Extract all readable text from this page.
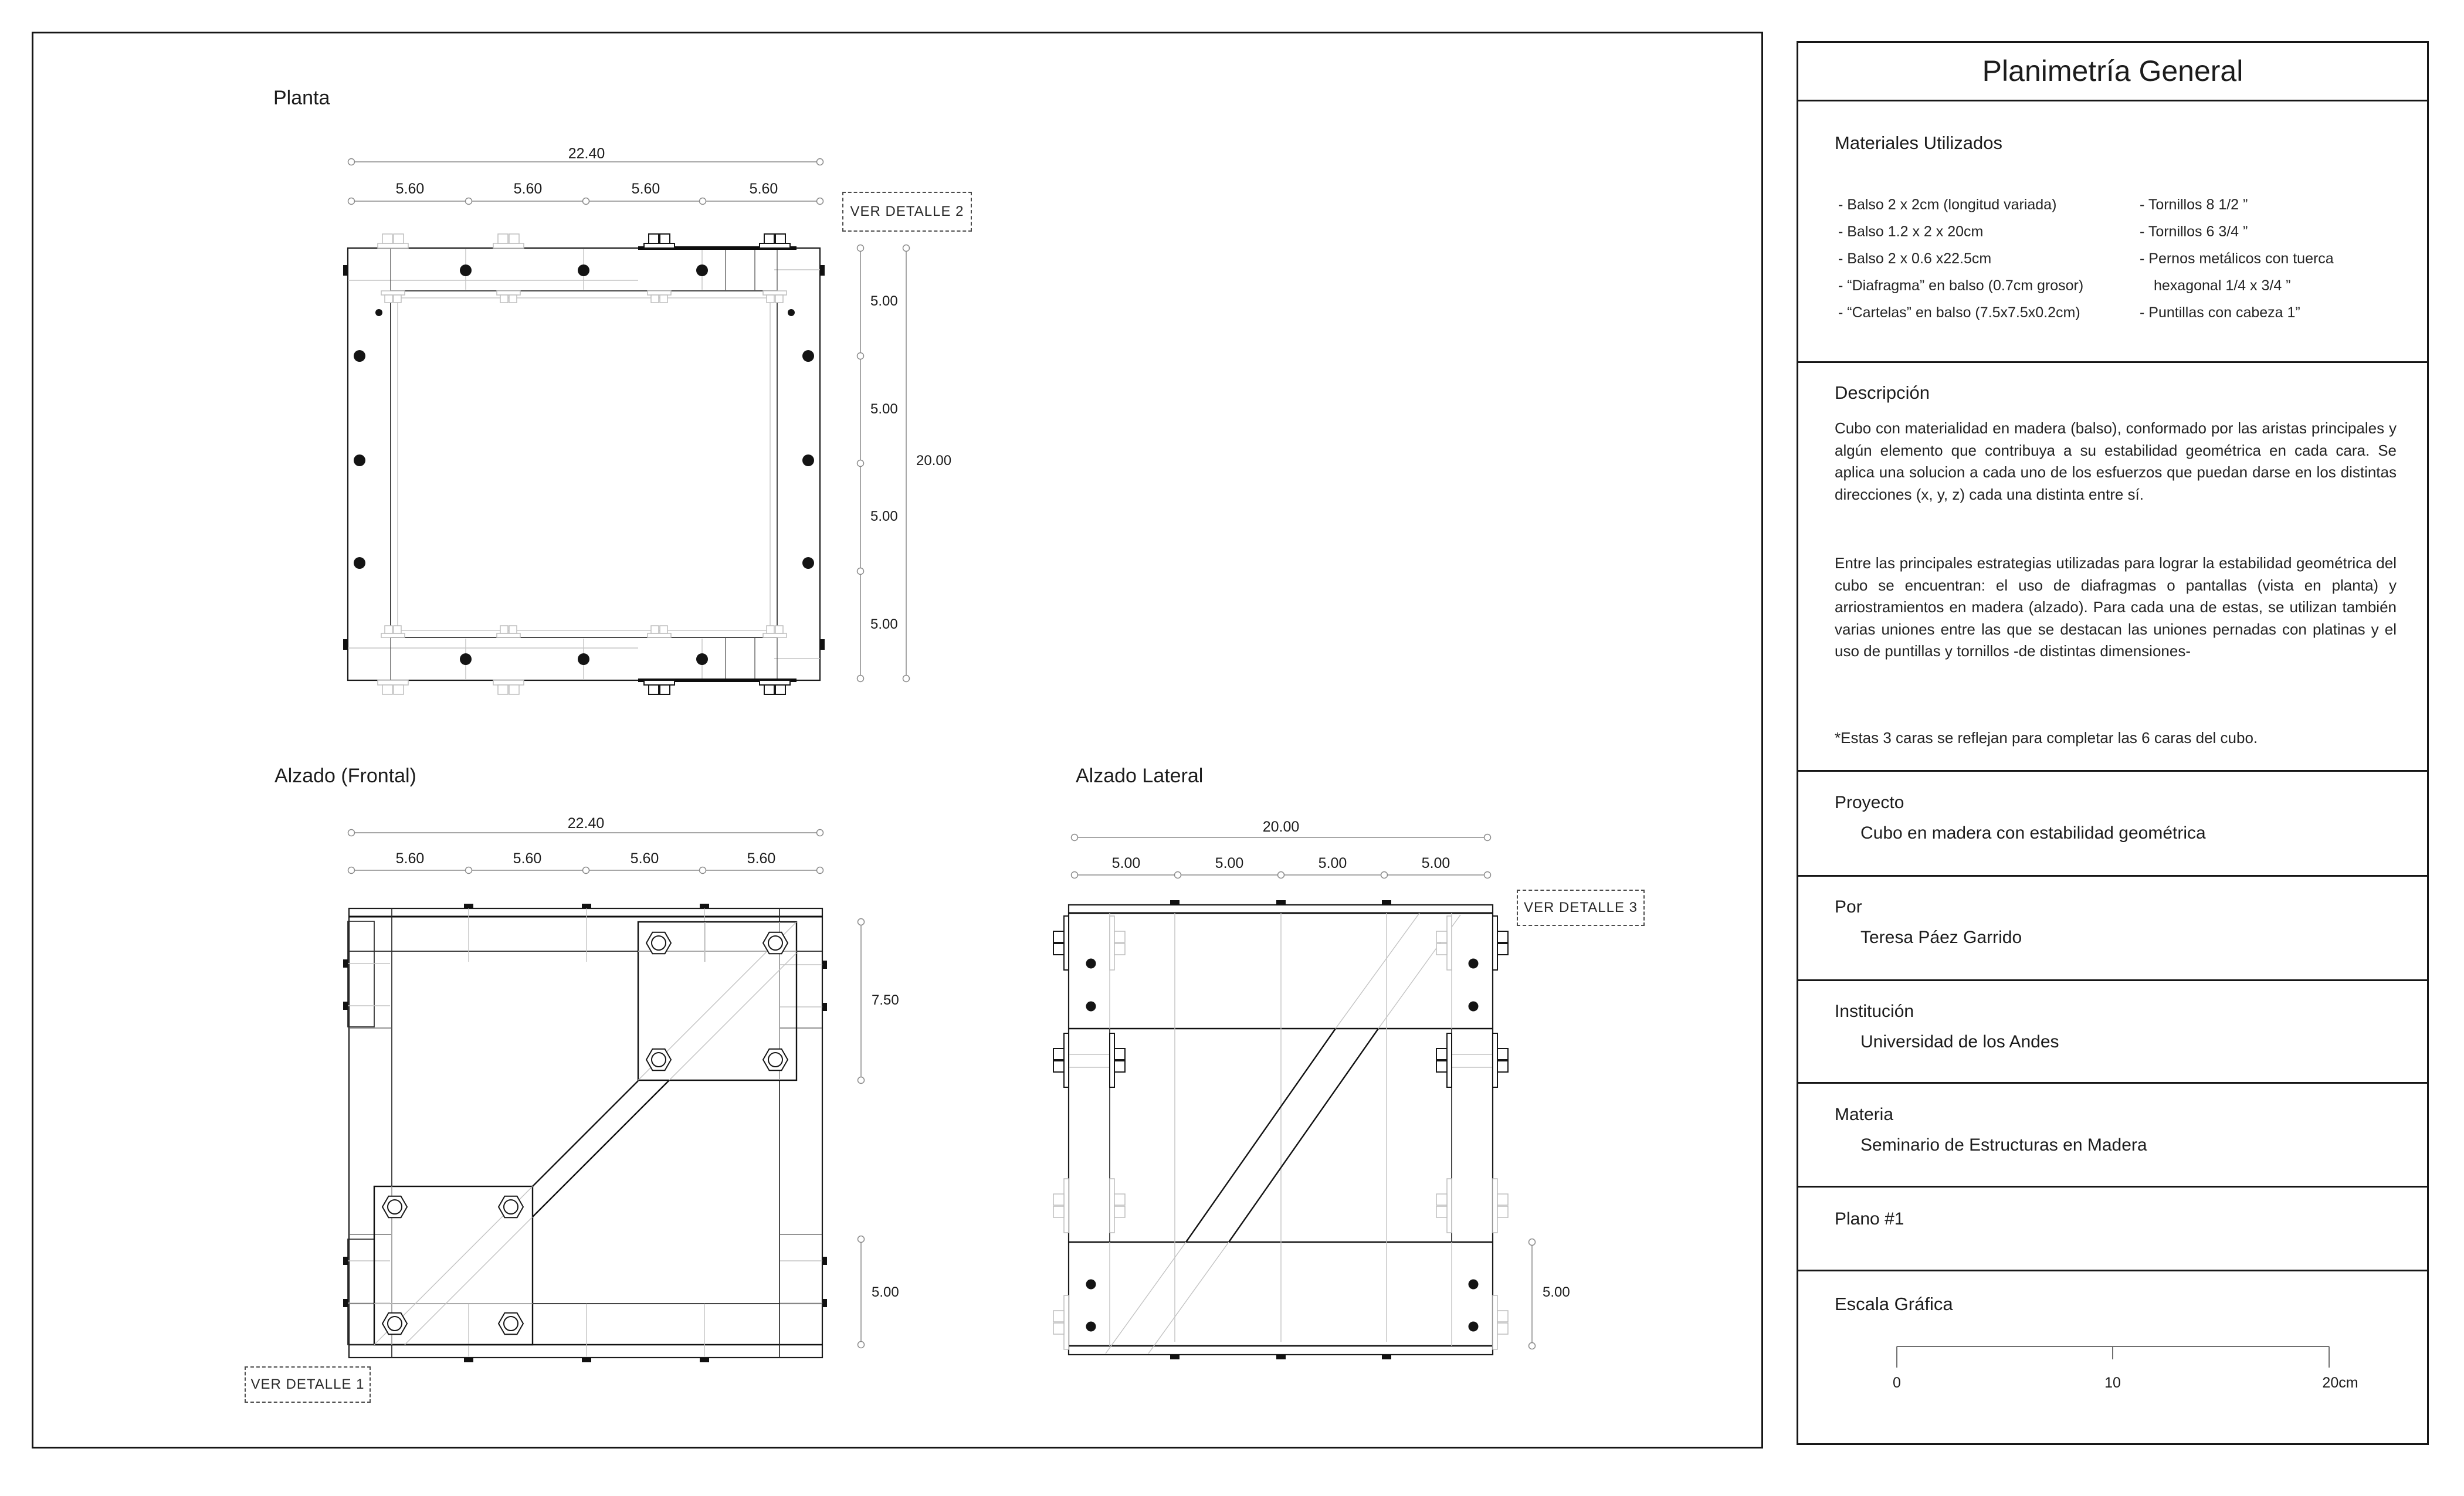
Planta
22.40
5.60	5.60	5.60	5.60
5.00
5.00
5.00
5.00
20.00
VER DETALLE 2
Alzado (Frontal)
22.40
5.60	5.60	5.60	5.60
7.50
5.00
VER DETALLE 1
Alzado Lateral
20.00
5.00	5.00	5.00	5.00
5.00
VER DETALLE 3
Planimetría General
Materiales Utilizados
- Balso 2 x 2cm (longitud variada)
- Balso 1.2 x 2 x 20cm
- Balso 2 x 0.6 x22.5cm
- “Diafragma” en balso (0.7cm grosor)
- “Cartelas” en balso (7.5x7.5x0.2cm)
- Tornillos 8 1/2 ”
- Tornillos 6 3/4 ”
- Pernos metálicos con tuerca hexagonal 1/4 x 3/4 ”
- Puntillas con cabeza 1”
Descripción
Cubo con materialidad en madera (balso), conformado por las aristas principales y algún elemento que contribuya a su estabilidad geométrica en cada cara. Se aplica una solucion a cada uno de los esfuerzos que puedan darse en los distintas direcciones (x, y, z) cada una distinta entre sí.
Entre las principales estrategias utilizadas para lograr la estabilidad geométrica del cubo se encuentran: el uso de diafragmas o pantallas (vista en planta) y arriostramientos en madera (alzado). Para cada una de estas, se utilizan también varias uniones entre las que se destacan las uniones pernadas con platinas y el uso de puntillas y tornillos -de distintas dimensiones-
*Estas 3 caras se reflejan para completar las 6 caras del cubo.
Proyecto
Cubo en madera con estabilidad geométrica
Por
Teresa Páez Garrido
Institución
Universidad de los Andes
Materia
Seminario de Estructuras en Madera
Plano #1
Escala Gráfica
0	10	20cm
